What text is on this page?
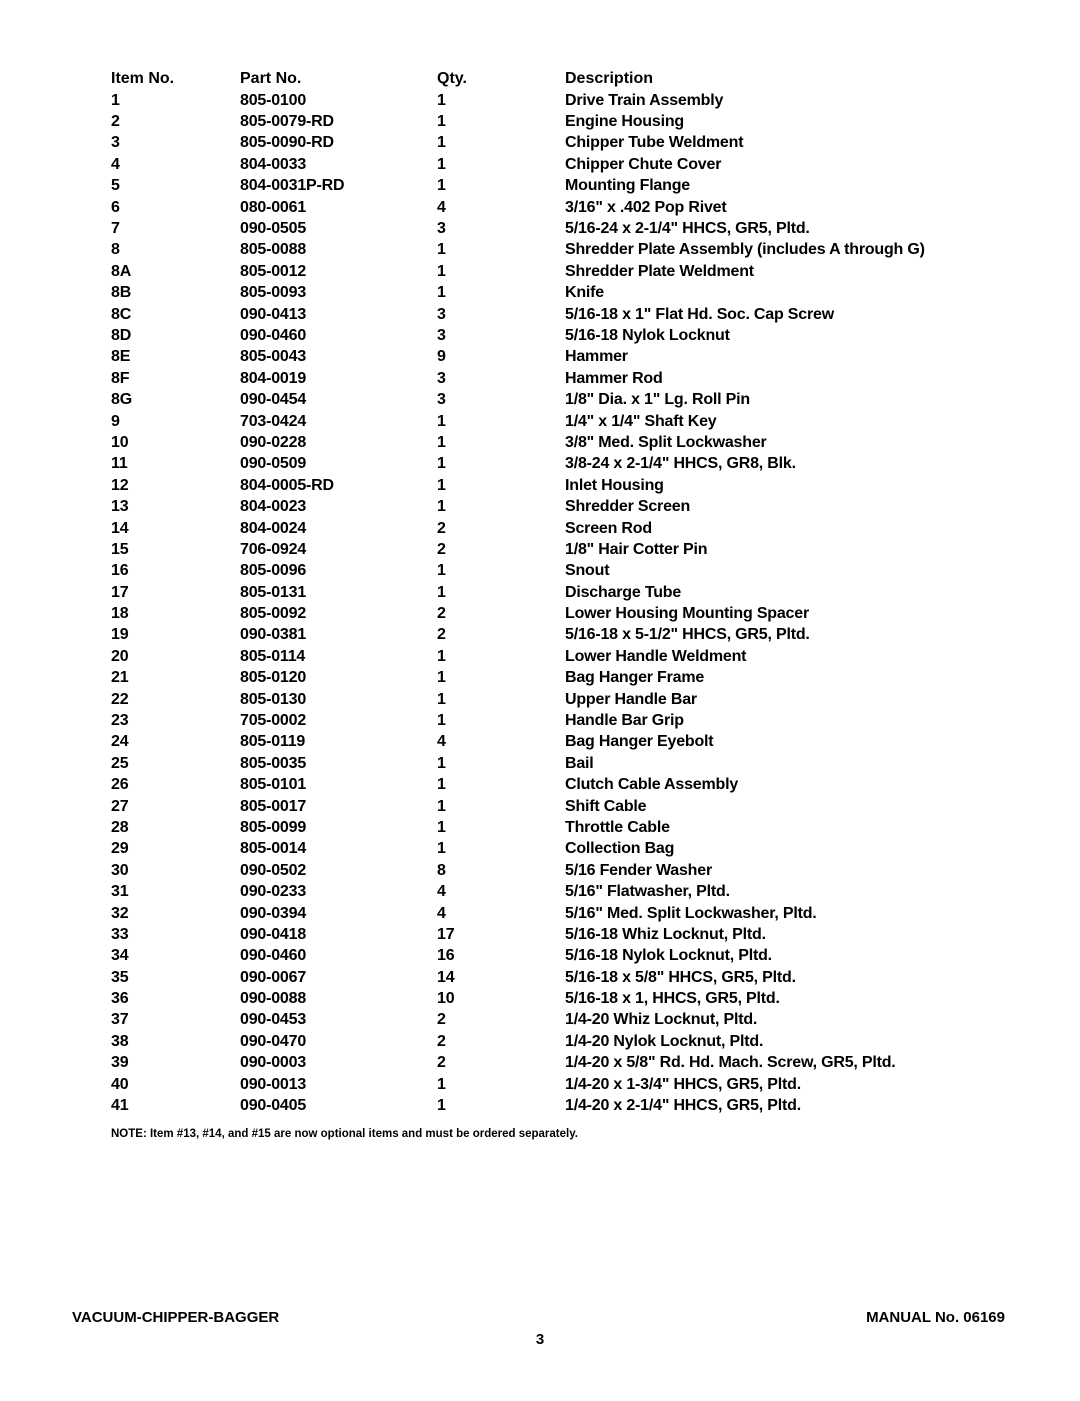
Item No.	Part No.	Qty.	Description
1	805-0100	1	Drive Train Assembly
2	805-0079-RD	1	Engine Housing
3	805-0090-RD	1	Chipper Tube Weldment
4	804-0033	1	Chipper Chute Cover
5	804-0031P-RD	1	Mounting Flange
6	080-0061	4	3/16" x .402 Pop Rivet
7	090-0505	3	5/16-24 x 2-1/4" HHCS, GR5, Pltd.
8	805-0088	1	Shredder Plate Assembly (includes A through G)
8A	805-0012	1	Shredder Plate Weldment
8B	805-0093	1	Knife
8C	090-0413	3	5/16-18 x 1" Flat Hd. Soc. Cap Screw
8D	090-0460	3	5/16-18 Nylok Locknut
8E	805-0043	9	Hammer
8F	804-0019	3	Hammer Rod
8G	090-0454	3	1/8" Dia. x 1" Lg. Roll Pin
9	703-0424	1	1/4" x 1/4" Shaft Key
10	090-0228	1	3/8" Med. Split Lockwasher
11	090-0509	1	3/8-24 x 2-1/4" HHCS, GR8, Blk.
12	804-0005-RD	1	Inlet Housing
13	804-0023	1	Shredder Screen
14	804-0024	2	Screen Rod
15	706-0924	2	1/8" Hair Cotter Pin
16	805-0096	1	Snout
17	805-0131	1	Discharge Tube
18	805-0092	2	Lower Housing Mounting Spacer
19	090-0381	2	5/16-18 x 5-1/2" HHCS, GR5, Pltd.
20	805-0114	1	Lower Handle Weldment
21	805-0120	1	Bag Hanger Frame
22	805-0130	1	Upper Handle Bar
23	705-0002	1	Handle Bar Grip
24	805-0119	4	Bag Hanger Eyebolt
25	805-0035	1	Bail
26	805-0101	1	Clutch Cable Assembly
27	805-0017	1	Shift Cable
28	805-0099	1	Throttle Cable
29	805-0014	1	Collection Bag
30	090-0502	8	5/16 Fender Washer
31	090-0233	4	5/16" Flatwasher, Pltd.
32	090-0394	4	5/16" Med. Split Lockwasher, Pltd.
33	090-0418	17	5/16-18 Whiz Locknut, Pltd.
34	090-0460	16	5/16-18 Nylok Locknut, Pltd.
35	090-0067	14	5/16-18 x 5/8" HHCS, GR5, Pltd.
36	090-0088	10	5/16-18 x 1, HHCS, GR5, Pltd.
37	090-0453	2	1/4-20 Whiz Locknut, Pltd.
38	090-0470	2	1/4-20 Nylok Locknut, Pltd.
39	090-0003	2	1/4-20 x 5/8" Rd. Hd. Mach. Screw, GR5, Pltd.
40	090-0013	1	1/4-20 x 1-3/4" HHCS, GR5, Pltd.
41	090-0405	1	1/4-20 x 2-1/4" HHCS, GR5, Pltd.
NOTE: Item #13, #14, and #15 are now optional items and must be ordered separately.
VACUUM-CHIPPER-BAGGER	MANUAL No. 06169
3
